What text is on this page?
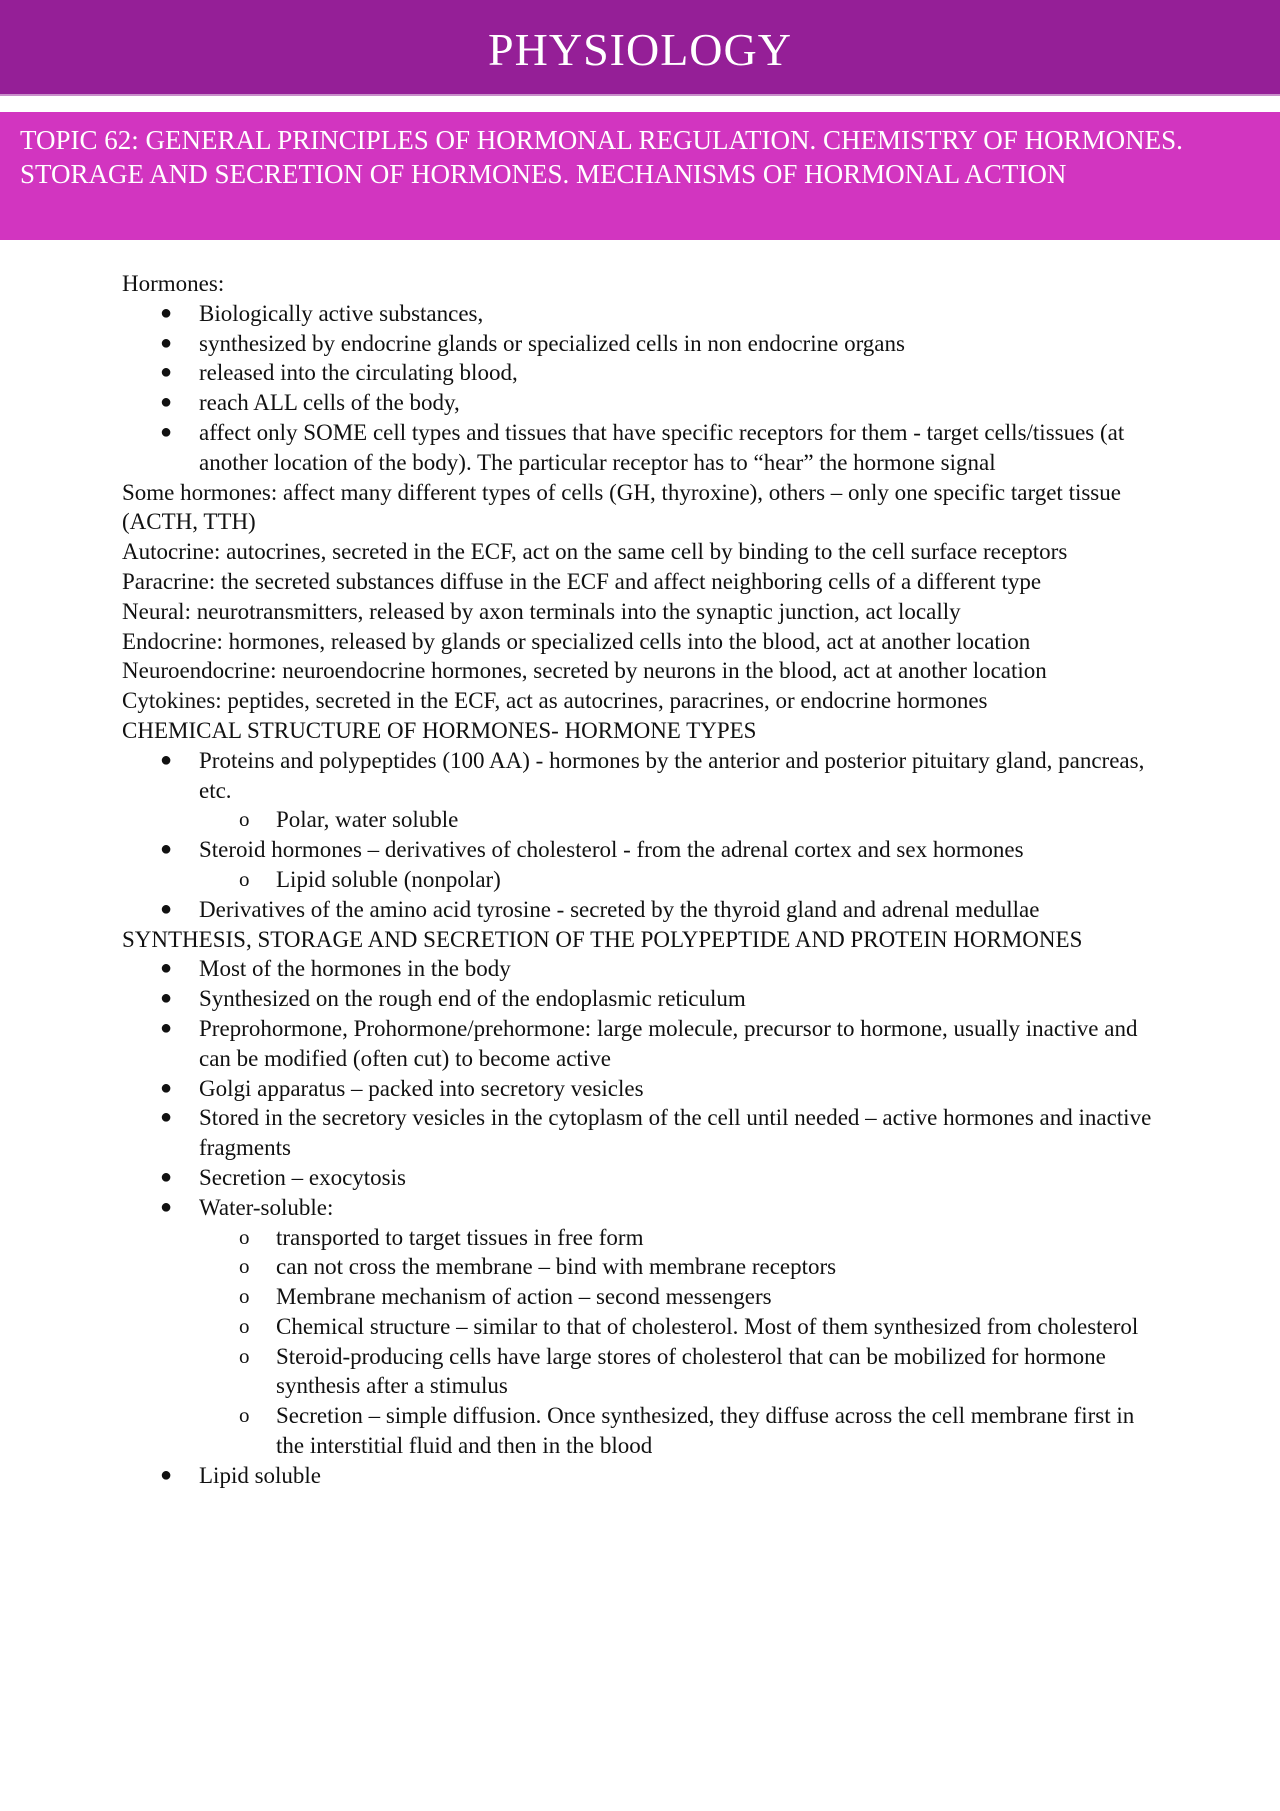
PHYSIOLOGY

TOPIC 62: GENERAL PRINCIPLES OF HORMONAL REGULATION. CHEMISTRY OF HORMONES. STORAGE AND SECRETION OF HORMONES. MECHANISMS OF HORMONAL ACTION

Hormones:

● Biologically active substances,
● synthesized by endocrine glands or specialized cells in non endocrine organs
● released into the circulating blood,
● reach ALL cells of the body,
● affect only SOME cell types and tissues that have specific receptors for them - target cells/tissues (at another location of the body). The particular receptor has to “hear” the hormone signal

Some hormones: affect many different types of cells (GH, thyroxine), others – only one specific target tissue (ACTH, TTH)

Autocrine: autocrines, secreted in the ECF, act on the same cell by binding to the cell surface receptors

Paracrine: the secreted substances diffuse in the ECF and affect neighboring cells of a different type

Neural: neurotransmitters, released by axon terminals into the synaptic junction, act locally

Endocrine: hormones, released by glands or specialized cells into the blood, act at another location

Neuroendocrine: neuroendocrine hormones, secreted by neurons in the blood, act at another location

Cytokines: peptides, secreted in the ECF, act as autocrines, paracrines, or endocrine hormones

CHEMICAL STRUCTURE OF HORMONES- HORMONE TYPES

● Proteins and polypeptides (100 AA) - hormones by the anterior and posterior pituitary gland, pancreas, etc.
o Polar, water soluble
● Steroid hormones – derivatives of cholesterol - from the adrenal cortex and sex hormones
o Lipid soluble (nonpolar)
● Derivatives of the amino acid tyrosine - secreted by the thyroid gland and adrenal medullae

SYNTHESIS, STORAGE AND SECRETION OF THE POLYPEPTIDE AND PROTEIN HORMONES

● Most of the hormones in the body
● Synthesized on the rough end of the endoplasmic reticulum
● Preprohormone, Prohormone/prehormone: large molecule, precursor to hormone, usually inactive and can be modified (often cut) to become active
● Golgi apparatus – packed into secretory vesicles
● Stored in the secretory vesicles in the cytoplasm of the cell until needed – active hormones and inactive fragments
● Secretion – exocytosis
● Water-soluble:
o transported to target tissues in free form
o can not cross the membrane – bind with membrane receptors
o Membrane mechanism of action – second messengers
o Chemical structure – similar to that of cholesterol. Most of them synthesized from cholesterol
o Steroid-producing cells have large stores of cholesterol that can be mobilized for hormone synthesis after a stimulus
o Secretion – simple diffusion. Once synthesized, they diffuse across the cell membrane first in the interstitial fluid and then in the blood
● Lipid soluble
